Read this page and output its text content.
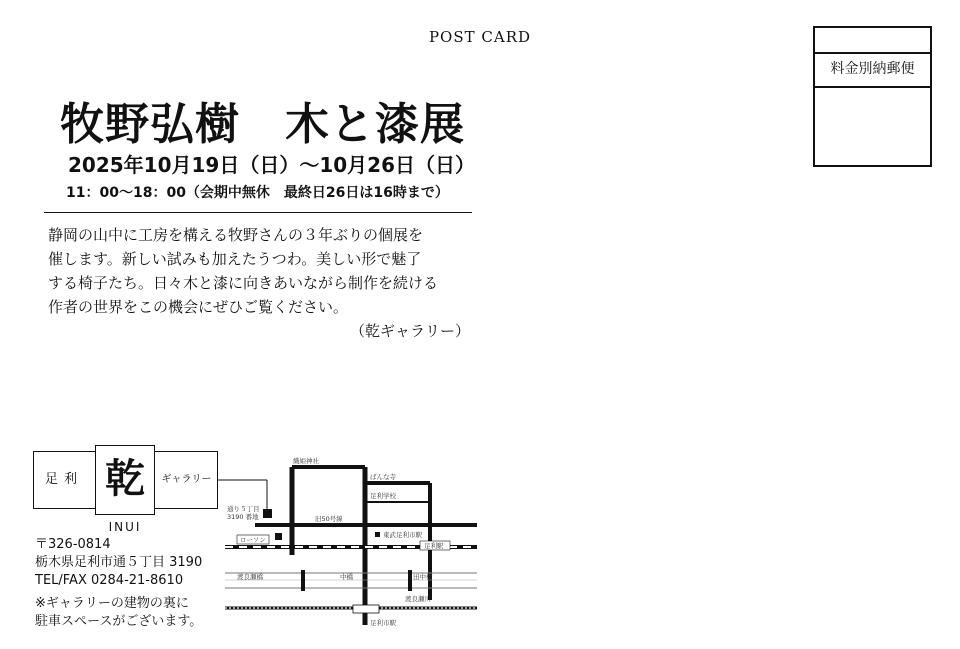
POST CARD
料金別納郵便
牧野弘樹　木と漆展
2025年10月19日（日）～10月26日（日）
11：00～18：00（会期中無休　最終日26日は16時まで）
静岡の山中に工房を構える牧野さんの３年ぶりの個展を
催します。新しい試みも加えたうつわ。美しい形で魅了
する椅子たち。日々木と漆に向きあいながら制作を続ける
作者の世界をこの機会にぜひご覧ください。
（乾ギャラリー）
足利 乾	ギャラリー
INUI
〒326-0814
栃木県足利市通５丁目 3190
TEL/FAX 0284-21-8610
※ギャラリーの建物の裏に
駐車スペースがございます。
織姫神社
ばんな寺
足利学校
旧50号線
通り５丁目
3190 番地
ローソン
東武足利市駅
足利駅
渡良瀬橋	中橋	田中橋
渡良瀬川
足利市駅
